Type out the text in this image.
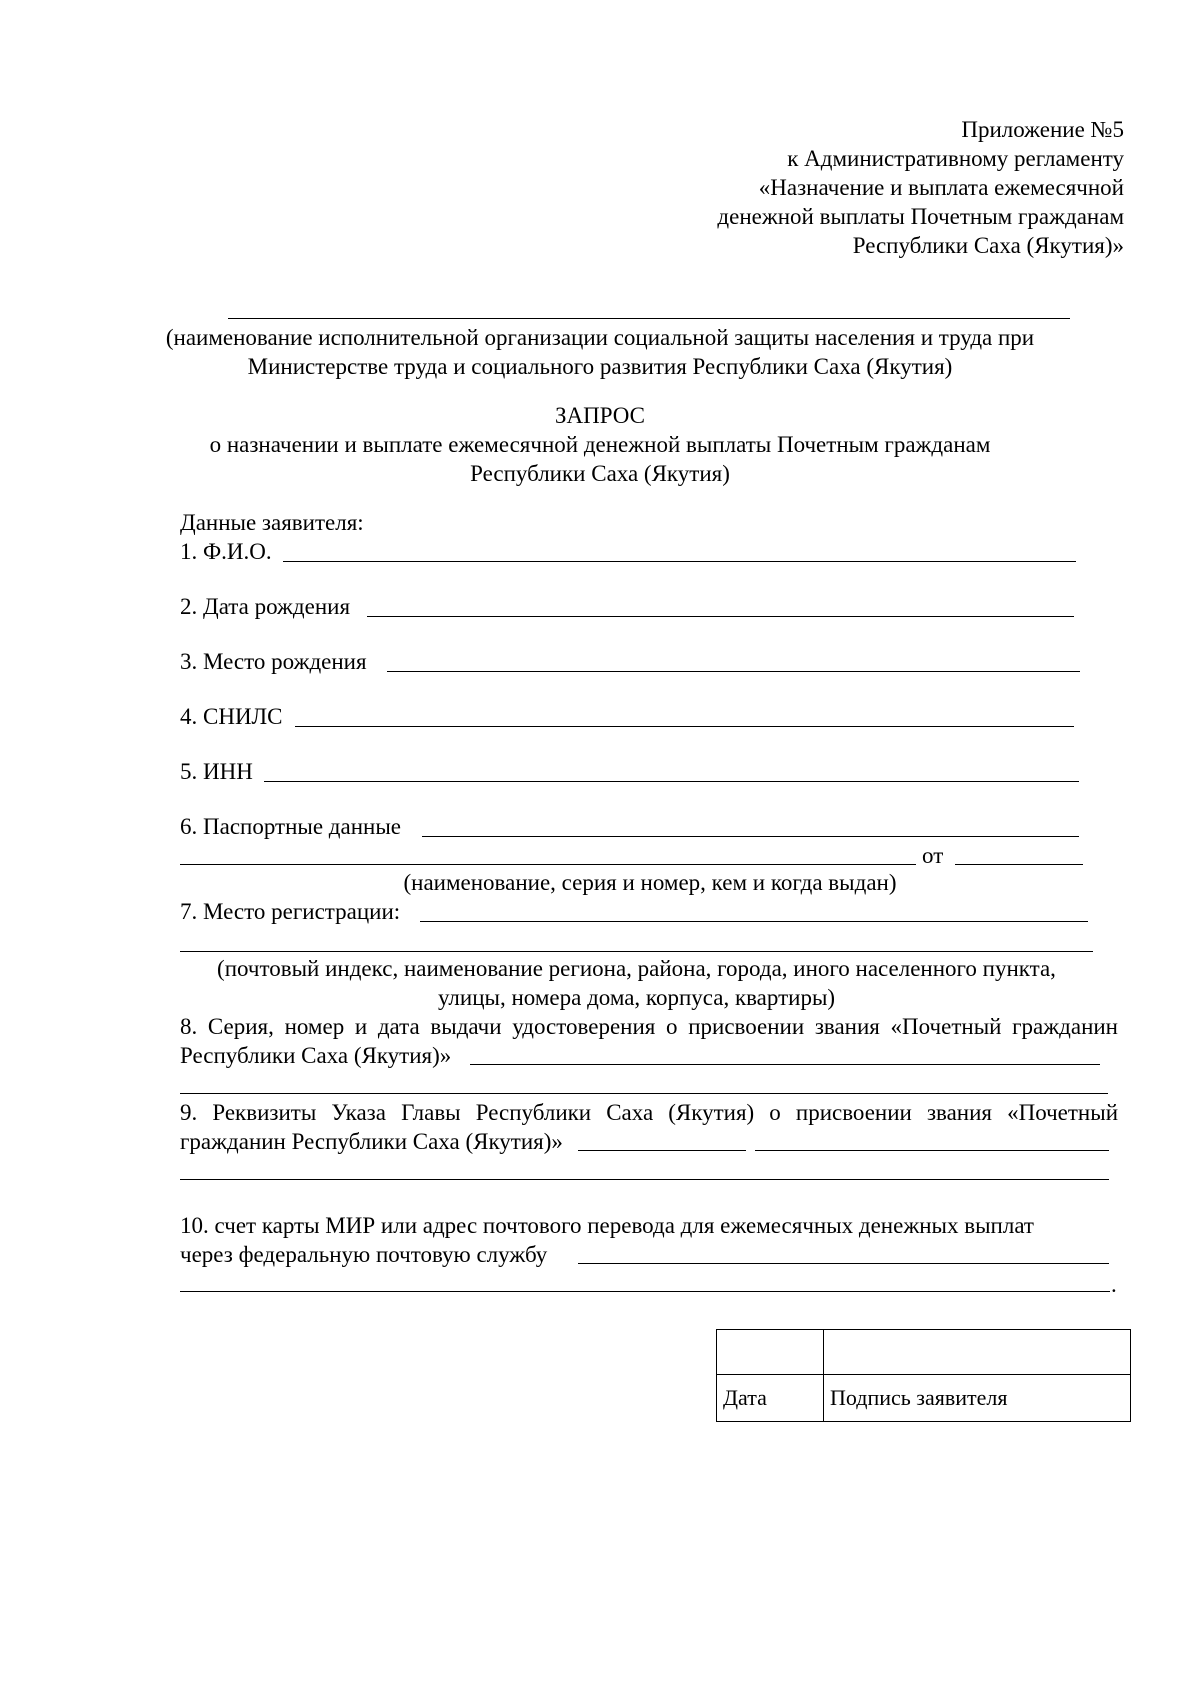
Приложение №5
к Административному регламенту
«Назначение и выплата ежемесячной
денежной выплаты Почетным гражданам
Республики Саха (Якутия)»
(наименование исполнительной организации социальной защиты населения и труда при
Министерстве труда и социального развития Республики Саха (Якутия)
ЗАПРОС
о назначении и выплате ежемесячной денежной выплаты Почетным гражданам
Республики Саха (Якутия)
Данные заявителя:
1. Ф.И.О.
2. Дата рождения
3. Место рождения
4. СНИЛС
5. ИНН
6. Паспортные данные
от
(наименование, серия и номер, кем и когда выдан)
7. Место регистрации:
(почтовый индекс, наименование региона, района, города, иного населенного пункта,
улицы, номера дома, корпуса, квартиры)
8. Серия, номер и дата выдачи удостоверения о присвоении звания «Почетный гражданин
Республики Саха (Якутия)»
9. Реквизиты Указа Главы Республики Саха (Якутия) о присвоении звания «Почетный
гражданин Республики Саха (Якутия)»
10. счет карты МИР или адрес почтового перевода для ежемесячных денежных выплат
через федеральную почтовую службу
.

Дата	Подпись заявителя
